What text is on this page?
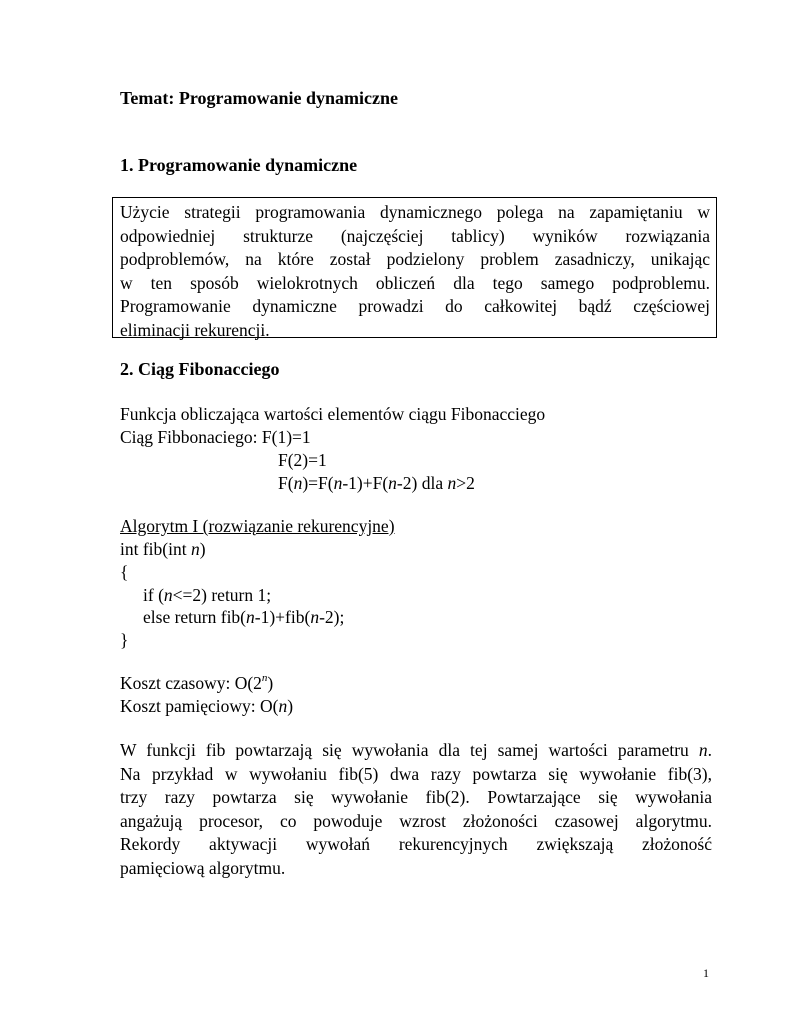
Temat: Programowanie dynamiczne
1. Programowanie dynamiczne

Użycie strategii programowania dynamicznego polega na zapamiętaniu w

odpowiedniej strukturze (najczęściej tablicy) wyników rozwiązania

podproblemów, na które został podzielony problem zasadniczy, unikając

w ten sposób wielokrotnych obliczeń dla tego samego podproblemu.

Programowanie dynamiczne prowadzi do całkowitej bądź częściowej

eliminacji rekurencji.

2. Ciąg Fibonacciego
Funkcja obliczająca wartości elementów ciągu Fibonacciego
Ciąg Fibbonaciego: F(1)=1
F(2)=1
F(n)=F(n-1)+F(n-2) dla n>2
Algorytm I (rozwiązanie rekurencyjne)
int fib(int n)
{
if (n<=2) return 1;
else return fib(n-1)+fib(n-2);
}
Koszt czasowy: O(2$^n$)
Koszt pamięciowy: O(n)

W funkcji fib powtarzają się wywołania dla tej samej wartości parametru n.

Na przykład w wywołaniu fib(5) dwa razy powtarza się wywołanie fib(3),

trzy razy powtarza się wywołanie fib(2). Powtarzające się wywołania

angażują procesor, co powoduje wzrost złożoności czasowej algorytmu.

Rekordy aktywacji wywołań rekurencyjnych zwiększają złożoność

pamięciową algorytmu.

1
